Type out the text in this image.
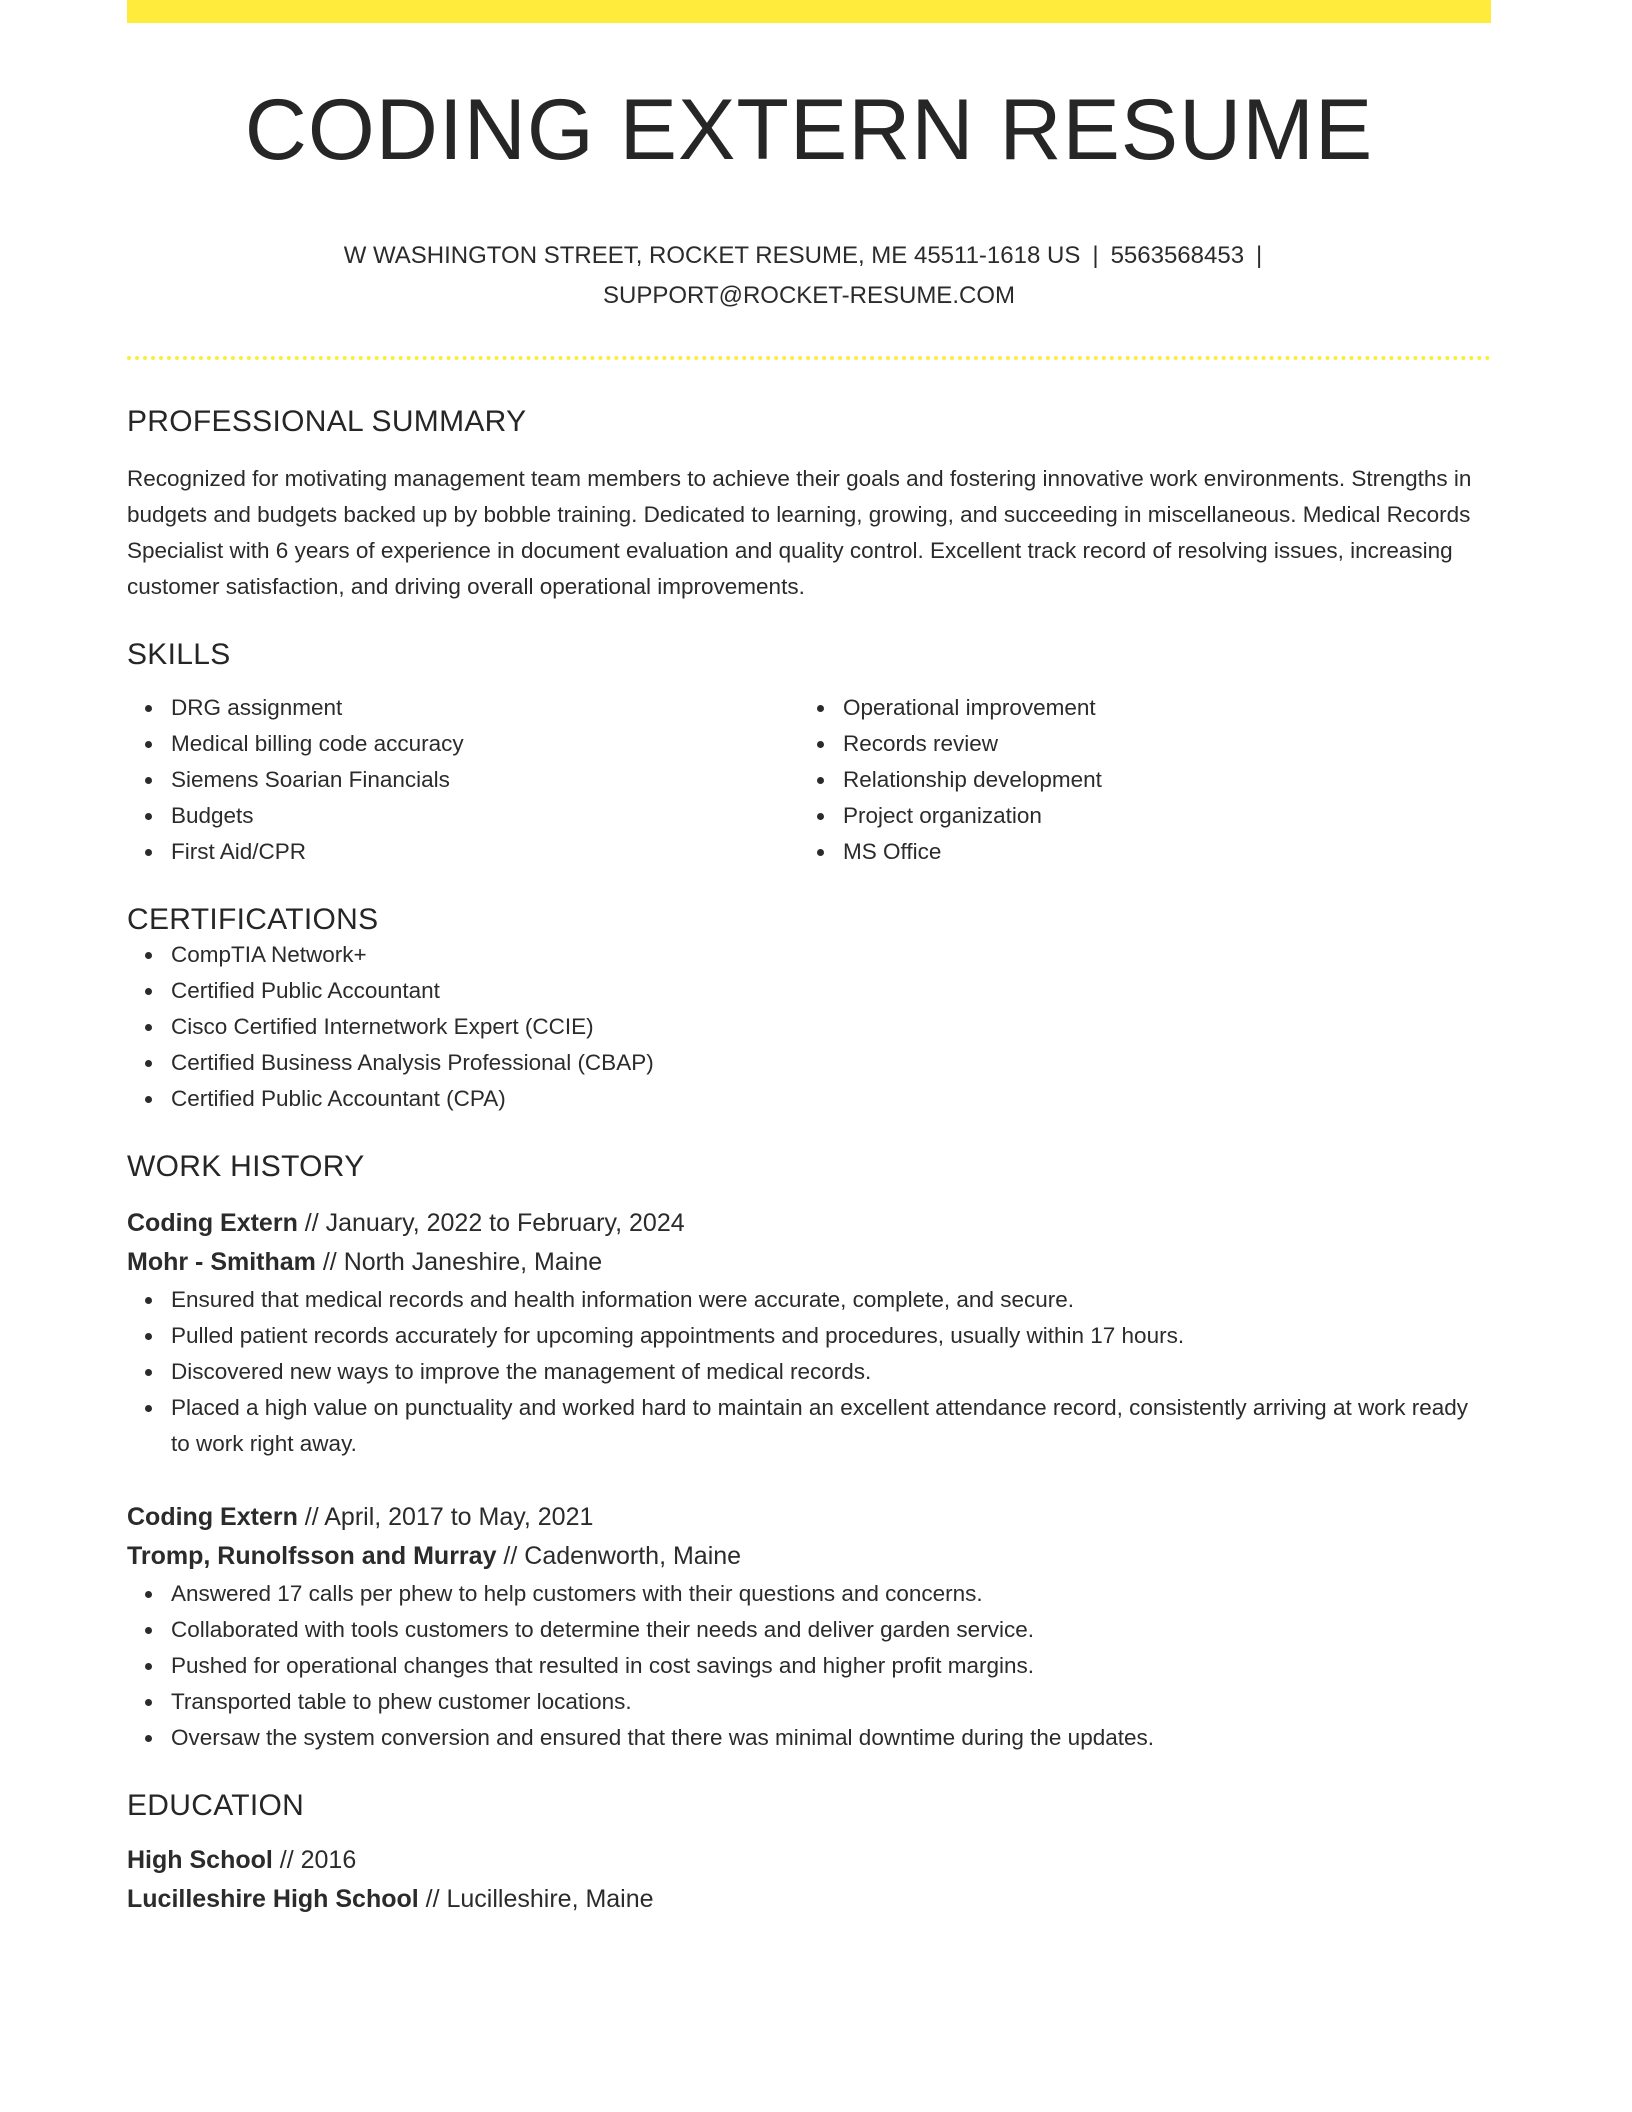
CODING EXTERN RESUME
W WASHINGTON STREET, ROCKET RESUME, ME 45511-1618 US | 5563568453 |
SUPPORT@ROCKET-RESUME.COM
PROFESSIONAL SUMMARY
Recognized for motivating management team members to achieve their goals and fostering innovative work environments. Strengths in budgets and budgets backed up by bobble training. Dedicated to learning, growing, and succeeding in miscellaneous. Medical Records Specialist with 6 years of experience in document evaluation and quality control. Excellent track record of resolving issues, increasing customer satisfaction, and driving overall operational improvements.
SKILLS
DRG assignment
Medical billing code accuracy
Siemens Soarian Financials
Budgets
First Aid/CPR
Operational improvement
Records review
Relationship development
Project organization
MS Office
CERTIFICATIONS
CompTIA Network+
Certified Public Accountant
Cisco Certified Internetwork Expert (CCIE)
Certified Business Analysis Professional (CBAP)
Certified Public Accountant (CPA)
WORK HISTORY
Coding Extern // January, 2022 to February, 2024
Mohr - Smitham // North Janeshire, Maine
Ensured that medical records and health information were accurate, complete, and secure.
Pulled patient records accurately for upcoming appointments and procedures, usually within 17 hours.
Discovered new ways to improve the management of medical records.
Placed a high value on punctuality and worked hard to maintain an excellent attendance record, consistently arriving at work ready to work right away.
Coding Extern // April, 2017 to May, 2021
Tromp, Runolfsson and Murray // Cadenworth, Maine
Answered 17 calls per phew to help customers with their questions and concerns.
Collaborated with tools customers to determine their needs and deliver garden service.
Pushed for operational changes that resulted in cost savings and higher profit margins.
Transported table to phew customer locations.
Oversaw the system conversion and ensured that there was minimal downtime during the updates.
EDUCATION
High School // 2016
Lucilleshire High School // Lucilleshire, Maine
